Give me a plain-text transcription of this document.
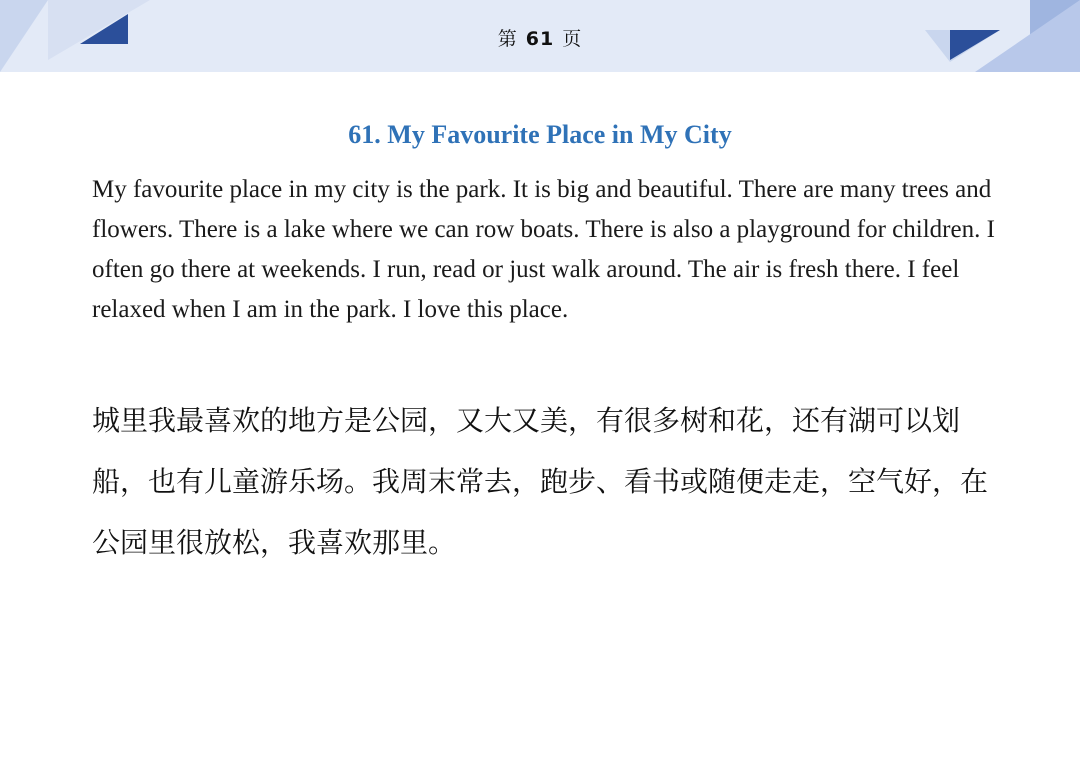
第 61 页
61. My Favourite Place in My City
My favourite place in my city is the park. It is big and beautiful. There are many trees and flowers. There is a lake where we can row boats. There is also a playground for children. I often go there at weekends. I run, read or just walk around. The air is fresh there. I feel relaxed when I am in the park. I love this place.
城里我最喜欢的地方是公园，又大又美，有很多树和花，还有湖可以划船，也有儿童游乐场。我周末常去，跑步、看书或随便走走，空气好，在公园里很放松，我喜欢那里。
